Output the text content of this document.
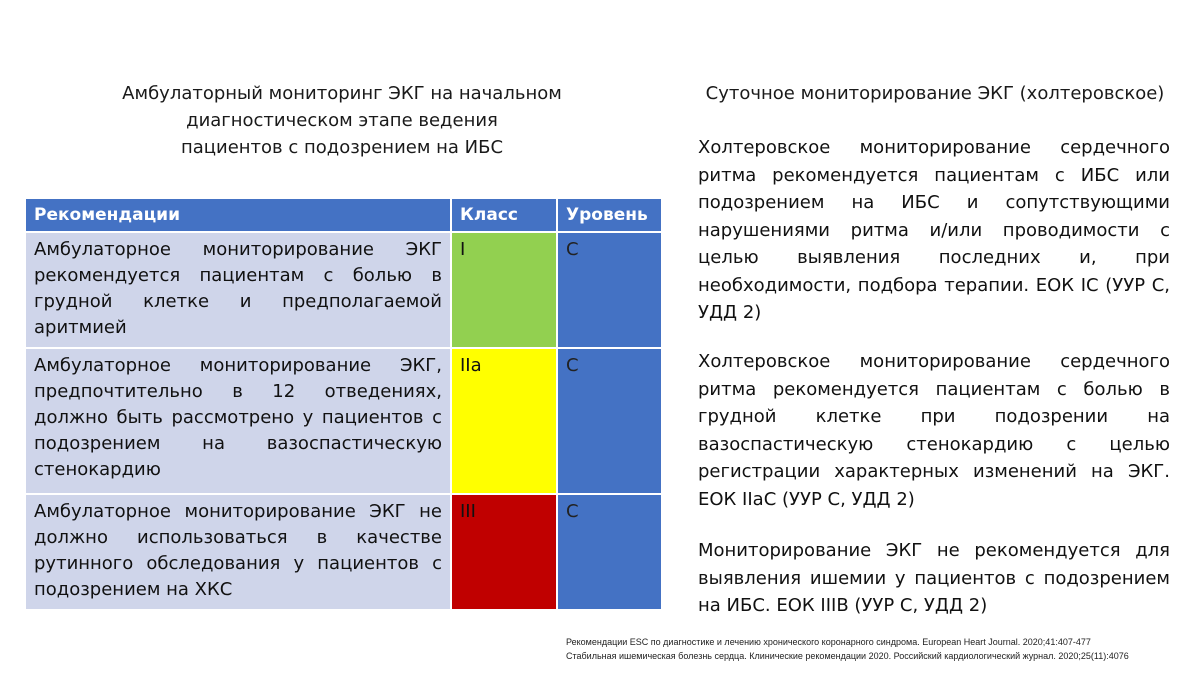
Амбулаторный мониторинг ЭКГ на начальном
диагностическом этапе ведения
пациентов с подозрением на ИБС
Рекомендации	Класс	Уровень
Амбулаторное мониторирование ЭКГ рекомендуется пациентам с болью в грудной клетке и предполагаемой аритмией	I	C
Амбулаторное мониторирование ЭКГ, предпочтительно в 12 отведениях, должно быть рассмотрено у пациентов с подозрением на вазоспастическую стенокардию	IIa	C
Амбулаторное мониторирование ЭКГ не должно использоваться в качестве рутинного обследования у пациентов с подозрением на ХКС	III	C
Суточное мониторирование ЭКГ (холтеровское)
Холтеровское мониторирование сердечного ритма рекомендуется пациентам с ИБС или подозрением на ИБС и сопутствующими нарушениями ритма и/или проводимости с целью выявления последних и, при необходимости, подбора терапии. ЕОК IC (УУР C, УДД 2)
Холтеровское мониторирование сердечного ритма рекомендуется пациентам с болью в грудной клетке при подозрении на вазоспастическую стенокардию с целью регистрации характерных изменений на ЭКГ. ЕОК IIaC (УУР C, УДД 2)
Мониторирование ЭКГ не рекомендуется для выявления ишемии у пациентов с подозрением на ИБС. ЕОК IIIB (УУР C, УДД 2)
Рекомендации ESC по диагностике и лечению хронического коронарного синдрома. European Heart Journal. 2020;41:407-477
Стабильная ишемическая болезнь сердца. Клинические рекомендации 2020. Российский кардиологический журнал. 2020;25(11):4076
